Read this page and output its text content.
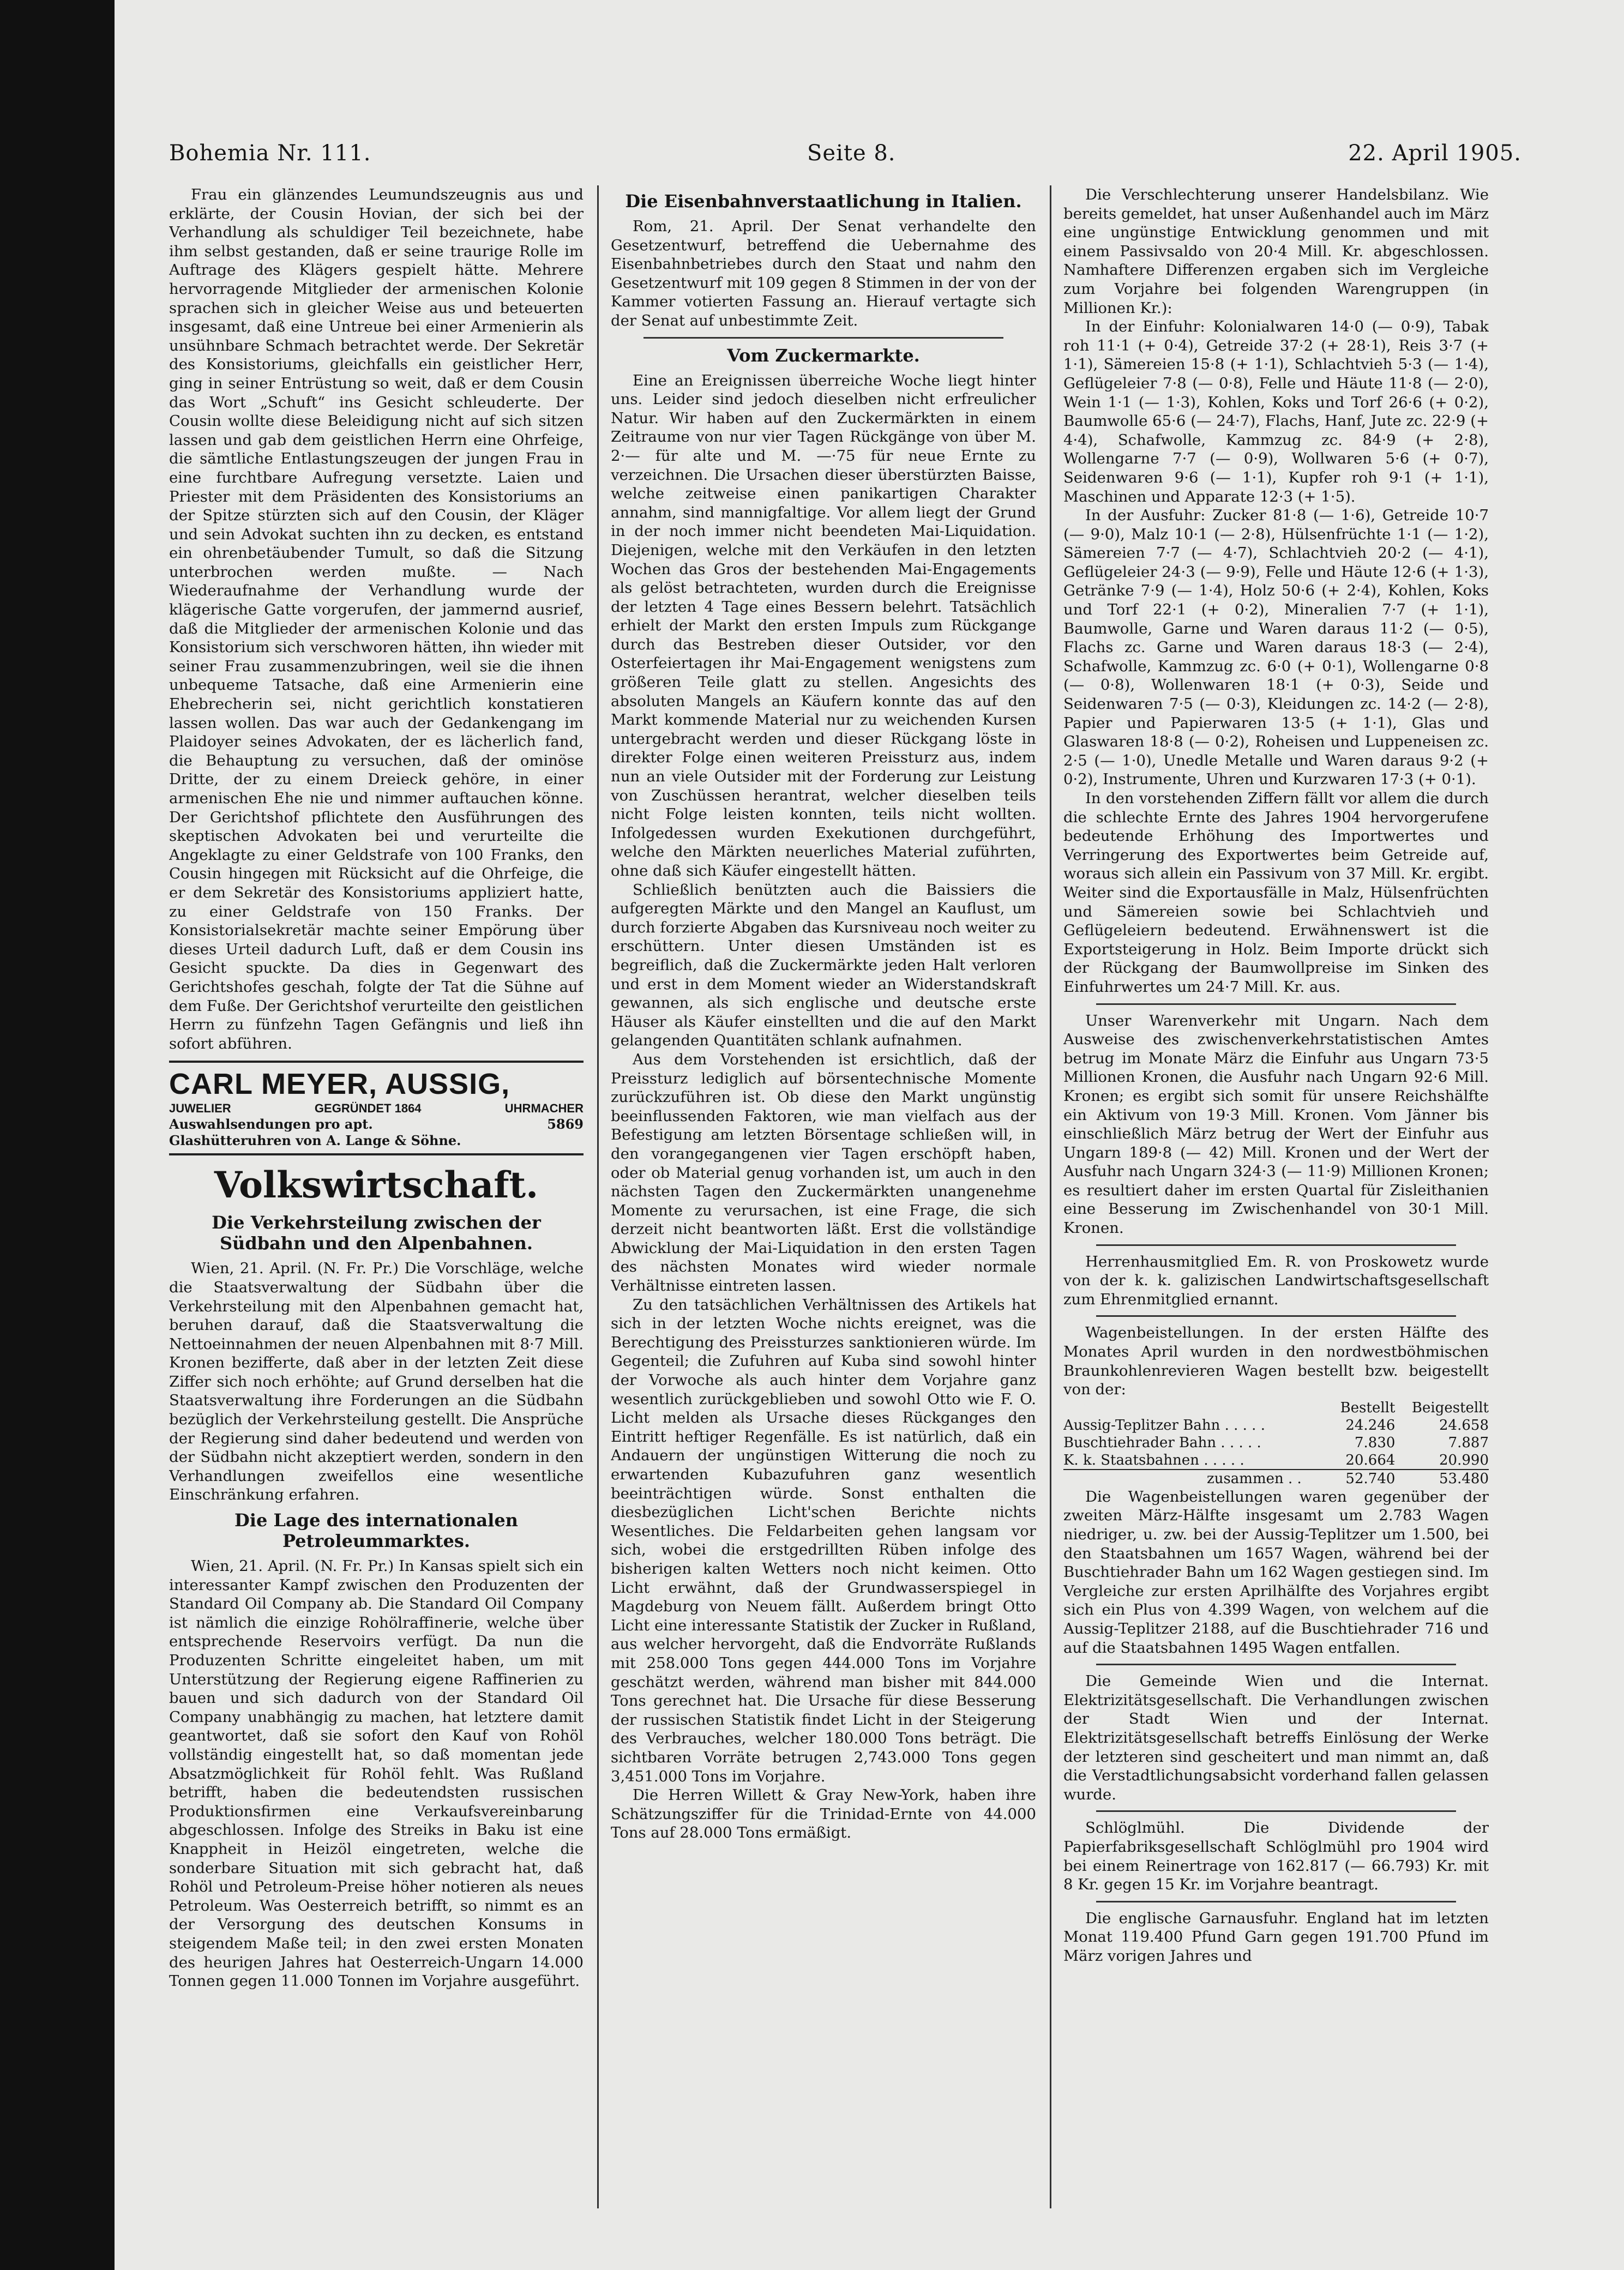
Bohemia Nr. 111.	Seite 8.	22. April 1905.

Frau ein glänzendes Leumundszeugnis aus und erklärte, der Cousin Hovian, der sich bei der Verhandlung als schuldiger Teil bezeichnete, habe ihm selbst gestanden, daß er seine traurige Rolle im Auftrage des Klägers gespielt hätte. Mehrere hervorragende Mitglieder der armenischen Kolonie sprachen sich in gleicher Weise aus und beteuerten insgesamt, daß eine Untreue bei einer Armenierin als unsühnbare Schmach betrachtet werde. Der Sekretär des Konsistoriums, gleichfalls ein geistlicher Herr, ging in seiner Entrüstung so weit, daß er dem Cousin das Wort „Schuft“ ins Gesicht schleuderte. Der Cousin wollte diese Beleidigung nicht auf sich sitzen lassen und gab dem geistlichen Herrn eine Ohrfeige, die sämtliche Entlastungszeugen der jungen Frau in eine furchtbare Aufregung versetzte. Laien und Priester mit dem Präsidenten des Konsistoriums an der Spitze stürzten sich auf den Cousin, der Kläger und sein Advokat suchten ihn zu decken, es entstand ein ohrenbetäubender Tumult, so daß die Sitzung unterbrochen werden mußte. — Nach Wiederaufnahme der Verhandlung wurde der klägerische Gatte vorgerufen, der jammernd ausrief, daß die Mitglieder der armenischen Kolonie und das Konsistorium sich verschworen hätten, ihn wieder mit seiner Frau zusammenzubringen, weil sie die ihnen unbequeme Tatsache, daß eine Armenierin eine Ehebrecherin sei, nicht gerichtlich konstatieren lassen wollen. Das war auch der Gedankengang im Plaidoyer seines Advokaten, der es lächerlich fand, die Behauptung zu versuchen, daß der ominöse Dritte, der zu einem Dreieck gehöre, in einer armenischen Ehe nie und nimmer auftauchen könne. Der Gerichtshof pflichtete den Ausführungen des skeptischen Advokaten bei und verurteilte die Angeklagte zu einer Geldstrafe von 100 Franks, den Cousin hingegen mit Rücksicht auf die Ohrfeige, die er dem Sekretär des Konsistoriums appliziert hatte, zu einer Geldstrafe von 150 Franks. Der Konsistorialsekretär machte seiner Empörung über dieses Urteil dadurch Luft, daß er dem Cousin ins Gesicht spuckte. Da dies in Gegenwart des Gerichtshofes geschah, folgte der Tat die Sühne auf dem Fuße. Der Gerichtshof verurteilte den geistlichen Herrn zu fünfzehn Tagen Gefängnis und ließ ihn sofort abführen.

CARL MEYER, AUSSIG,
JUWELIER	GEGRÜNDET 1864	UHRMACHER
Auswahlsendungen pro apt.	5869
Glashütteruhren von A. Lange & Söhne.
Volkswirtschaft.
Die Verkehrsteilung zwischen der Südbahn und den Alpenbahnen.

Wien, 21. April. (N. Fr. Pr.) Die Vorschläge, welche die Staatsverwaltung der Südbahn über die Verkehrsteilung mit den Alpenbahnen gemacht hat, beruhen darauf, daß die Staatsverwaltung die Nettoeinnahmen der neuen Alpenbahnen mit 8·7 Mill. Kronen bezifferte, daß aber in der letzten Zeit diese Ziffer sich noch erhöhte; auf Grund derselben hat die Staatsverwaltung ihre Forderungen an die Südbahn bezüglich der Verkehrsteilung gestellt. Die Ansprüche der Regierung sind daher bedeutend und werden von der Südbahn nicht akzeptiert werden, sondern in den Verhandlungen zweifellos eine wesentliche Einschränkung erfahren.

Die Lage des internationalen Petroleummarktes.

Wien, 21. April. (N. Fr. Pr.) In Kansas spielt sich ein interessanter Kampf zwischen den Produzenten der Standard Oil Company ab. Die Standard Oil Company ist nämlich die einzige Rohölraffinerie, welche über entsprechende Reservoirs verfügt. Da nun die Produzenten Schritte eingeleitet haben, um mit Unterstützung der Regierung eigene Raffinerien zu bauen und sich dadurch von der Standard Oil Company unabhängig zu machen, hat letztere damit geantwortet, daß sie sofort den Kauf von Rohöl vollständig eingestellt hat, so daß momentan jede Absatzmöglichkeit für Rohöl fehlt. Was Rußland betrifft, haben die bedeutendsten russischen Produktionsfirmen eine Verkaufsvereinbarung abgeschlossen. Infolge des Streiks in Baku ist eine Knappheit in Heizöl eingetreten, welche die sonderbare Situation mit sich gebracht hat, daß Rohöl und Petroleum-Preise höher notieren als neues Petroleum. Was Oesterreich betrifft, so nimmt es an der Versorgung des deutschen Konsums in steigendem Maße teil; in den zwei ersten Monaten des heurigen Jahres hat Oesterreich-Ungarn 14.000 Tonnen gegen 11.000 Tonnen im Vorjahre ausgeführt.

Die Eisenbahnverstaatlichung in Italien.

Rom, 21. April. Der Senat verhandelte den Gesetzentwurf, betreffend die Uebernahme des Eisenbahnbetriebes durch den Staat und nahm den Gesetzentwurf mit 109 gegen 8 Stimmen in der von der Kammer votierten Fassung an. Hierauf vertagte sich der Senat auf unbestimmte Zeit.

Vom Zuckermarkte.

Eine an Ereignissen überreiche Woche liegt hinter uns. Leider sind jedoch dieselben nicht erfreulicher Natur. Wir haben auf den Zuckermärkten in einem Zeitraume von nur vier Tagen Rückgänge von über M. 2·— für alte und M. —·75 für neue Ernte zu verzeichnen. Die Ursachen dieser überstürzten Baisse, welche zeitweise einen panikartigen Charakter annahm, sind mannigfaltige. Vor allem liegt der Grund in der noch immer nicht beendeten Mai-Liquidation. Diejenigen, welche mit den Verkäufen in den letzten Wochen das Gros der bestehenden Mai-Engagements als gelöst betrachteten, wurden durch die Ereignisse der letzten 4 Tage eines Bessern belehrt. Tatsächlich erhielt der Markt den ersten Impuls zum Rückgange durch das Bestreben dieser Outsider, vor den Osterfeiertagen ihr Mai-Engagement wenigstens zum größeren Teile glatt zu stellen. Angesichts des absoluten Mangels an Käufern konnte das auf den Markt kommende Material nur zu weichenden Kursen untergebracht werden und dieser Rückgang löste in direkter Folge einen weiteren Preissturz aus, indem nun an viele Outsider mit der Forderung zur Leistung von Zuschüssen herantrat, welcher dieselben teils nicht Folge leisten konnten, teils nicht wollten. Infolgedessen wurden Exekutionen durchgeführt, welche den Märkten neuerliches Material zuführten, ohne daß sich Käufer eingestellt hätten.

Schließlich benützten auch die Baissiers die aufgeregten Märkte und den Mangel an Kauflust, um durch forzierte Abgaben das Kursniveau noch weiter zu erschüttern. Unter diesen Umständen ist es begreiflich, daß die Zuckermärkte jeden Halt verloren und erst in dem Moment wieder an Widerstandskraft gewannen, als sich englische und deutsche erste Häuser als Käufer einstellten und die auf den Markt gelangenden Quantitäten schlank aufnahmen.

Aus dem Vorstehenden ist ersichtlich, daß der Preissturz lediglich auf börsentechnische Momente zurückzuführen ist. Ob diese den Markt ungünstig beeinflussenden Faktoren, wie man vielfach aus der Befestigung am letzten Börsentage schließen will, in den vorangegangenen vier Tagen erschöpft haben, oder ob Material genug vorhanden ist, um auch in den nächsten Tagen den Zuckermärkten unangenehme Momente zu verursachen, ist eine Frage, die sich derzeit nicht beantworten läßt. Erst die vollständige Abwicklung der Mai-Liquidation in den ersten Tagen des nächsten Monates wird wieder normale Verhältnisse eintreten lassen.

Zu den tatsächlichen Verhältnissen des Artikels hat sich in der letzten Woche nichts ereignet, was die Berechtigung des Preissturzes sanktionieren würde. Im Gegenteil; die Zufuhren auf Kuba sind sowohl hinter der Vorwoche als auch hinter dem Vorjahre ganz wesentlich zurückgeblieben und sowohl Otto wie F. O. Licht melden als Ursache dieses Rückganges den Eintritt heftiger Regenfälle. Es ist natürlich, daß ein Andauern der ungünstigen Witterung die noch zu erwartenden Kubazufuhren ganz wesentlich beeinträchtigen würde. Sonst enthalten die diesbezüglichen Licht'schen Berichte nichts Wesentliches. Die Feldarbeiten gehen langsam vor sich, wobei die erstgedrillten Rüben infolge des bisherigen kalten Wetters noch nicht keimen. Otto Licht erwähnt, daß der Grundwasserspiegel in Magdeburg von Neuem fällt. Außerdem bringt Otto Licht eine interessante Statistik der Zucker in Rußland, aus welcher hervorgeht, daß die Endvorräte Rußlands mit 258.000 Tons gegen 444.000 Tons im Vorjahre geschätzt werden, während man bisher mit 844.000 Tons gerechnet hat. Die Ursache für diese Besserung der russischen Statistik findet Licht in der Steigerung des Verbrauches, welcher 180.000 Tons beträgt. Die sichtbaren Vorräte betrugen 2,743.000 Tons gegen 3,451.000 Tons im Vorjahre.

Die Herren Willett & Gray New-York, haben ihre Schätzungsziffer für die Trinidad-Ernte von 44.000 Tons auf 28.000 Tons ermäßigt.

Die Verschlechterung unserer Handelsbilanz. Wie bereits gemeldet, hat unser Außenhandel auch im März eine ungünstige Entwicklung genommen und mit einem Passivsaldo von 20·4 Mill. Kr. abgeschlossen. Namhaftere Differenzen ergaben sich im Vergleiche zum Vorjahre bei folgenden Warengruppen (in Millionen Kr.):

In der Einfuhr: Kolonialwaren 14·0 (— 0·9), Tabak roh 11·1 (+ 0·4), Getreide 37·2 (+ 28·1), Reis 3·7 (+ 1·1), Sämereien 15·8 (+ 1·1), Schlachtvieh 5·3 (— 1·4), Geflügeleier 7·8 (— 0·8), Felle und Häute 11·8 (— 2·0), Wein 1·1 (— 1·3), Kohlen, Koks und Torf 26·6 (+ 0·2), Baumwolle 65·6 (— 24·7), Flachs, Hanf, Jute zc. 22·9 (+ 4·4), Schafwolle, Kammzug zc. 84·9 (+ 2·8), Wollengarne 7·7 (— 0·9), Wollwaren 5·6 (+ 0·7), Seidenwaren 9·6 (— 1·1), Kupfer roh 9·1 (+ 1·1), Maschinen und Apparate 12·3 (+ 1·5).

In der Ausfuhr: Zucker 81·8 (— 1·6), Getreide 10·7 (— 9·0), Malz 10·1 (— 2·8), Hülsenfrüchte 1·1 (— 1·2), Sämereien 7·7 (— 4·7), Schlachtvieh 20·2 (— 4·1), Geflügeleier 24·3 (— 9·9), Felle und Häute 12·6 (+ 1·3), Getränke 7·9 (— 1·4), Holz 50·6 (+ 2·4), Kohlen, Koks und Torf 22·1 (+ 0·2), Mineralien 7·7 (+ 1·1), Baumwolle, Garne und Waren daraus 11·2 (— 0·5), Flachs zc. Garne und Waren daraus 18·3 (— 2·4), Schafwolle, Kammzug zc. 6·0 (+ 0·1), Wollengarne 0·8 (— 0·8), Wollenwaren 18·1 (+ 0·3), Seide und Seidenwaren 7·5 (— 0·3), Kleidungen zc. 14·2 (— 2·8), Papier und Papierwaren 13·5 (+ 1·1), Glas und Glaswaren 18·8 (— 0·2), Roheisen und Luppeneisen zc. 2·5 (— 1·0), Unedle Metalle und Waren daraus 9·2 (+ 0·2), Instrumente, Uhren und Kurzwaren 17·3 (+ 0·1).

In den vorstehenden Ziffern fällt vor allem die durch die schlechte Ernte des Jahres 1904 hervorgerufene bedeutende Erhöhung des Importwertes und Verringerung des Exportwertes beim Getreide auf, woraus sich allein ein Passivum von 37 Mill. Kr. ergibt. Weiter sind die Exportausfälle in Malz, Hülsenfrüchten und Sämereien sowie bei Schlachtvieh und Geflügeleiern bedeutend. Erwähnenswert ist die Exportsteigerung in Holz. Beim Importe drückt sich der Rückgang der Baumwollpreise im Sinken des Einfuhrwertes um 24·7 Mill. Kr. aus.

Unser Warenverkehr mit Ungarn. Nach dem Ausweise des zwischenverkehrstatistischen Amtes betrug im Monate März die Einfuhr aus Ungarn 73·5 Millionen Kronen, die Ausfuhr nach Ungarn 92·6 Mill. Kronen; es ergibt sich somit für unsere Reichshälfte ein Aktivum von 19·3 Mill. Kronen. Vom Jänner bis einschließlich März betrug der Wert der Einfuhr aus Ungarn 189·8 (— 42) Mill. Kronen und der Wert der Ausfuhr nach Ungarn 324·3 (— 11·9) Millionen Kronen; es resultiert daher im ersten Quartal für Zisleithanien eine Besserung im Zwischenhandel von 30·1 Mill. Kronen.

Herrenhausmitglied Em. R. von Proskowetz wurde von der k. k. galizischen Landwirtschaftsgesellschaft zum Ehrenmitglied ernannt.

Wagenbeistellungen. In der ersten Hälfte des Monates April wurden in den nordwestböhmischen Braunkohlenrevieren Wagen bestellt bzw. beigestellt von der:

	Bestellt	Beigestellt
Aussig-Teplitzer Bahn . . . . .	24.246	24.658
Buschtiehrader Bahn . . . . .	7.830	7.887
K. k. Staatsbahnen . . . . .	20.664	20.990
zusammen . .	52.740	53.480

Die Wagenbeistellungen waren gegenüber der zweiten März-Hälfte insgesamt um 2.783 Wagen niedriger, u. zw. bei der Aussig-Teplitzer um 1.500, bei den Staatsbahnen um 1657 Wagen, während bei der Buschtiehrader Bahn um 162 Wagen gestiegen sind. Im Vergleiche zur ersten Aprilhälfte des Vorjahres ergibt sich ein Plus von 4.399 Wagen, von welchem auf die Aussig-Teplitzer 2188, auf die Buschtiehrader 716 und auf die Staatsbahnen 1495 Wagen entfallen.

Die Gemeinde Wien und die Internat. Elektrizitätsgesellschaft. Die Verhandlungen zwischen der Stadt Wien und der Internat. Elektrizitätsgesellschaft betreffs Einlösung der Werke der letzteren sind gescheitert und man nimmt an, daß die Verstadtlichungsabsicht vorderhand fallen gelassen wurde.

Schlöglmühl. Die Dividende der Papierfabriksgesellschaft Schlöglmühl pro 1904 wird bei einem Reinertrage von 162.817 (— 66.793) Kr. mit 8 Kr. gegen 15 Kr. im Vorjahre beantragt.

Die englische Garnausfuhr. England hat im letzten Monat 119.400 Pfund Garn gegen 191.700 Pfund im März vorigen Jahres und
